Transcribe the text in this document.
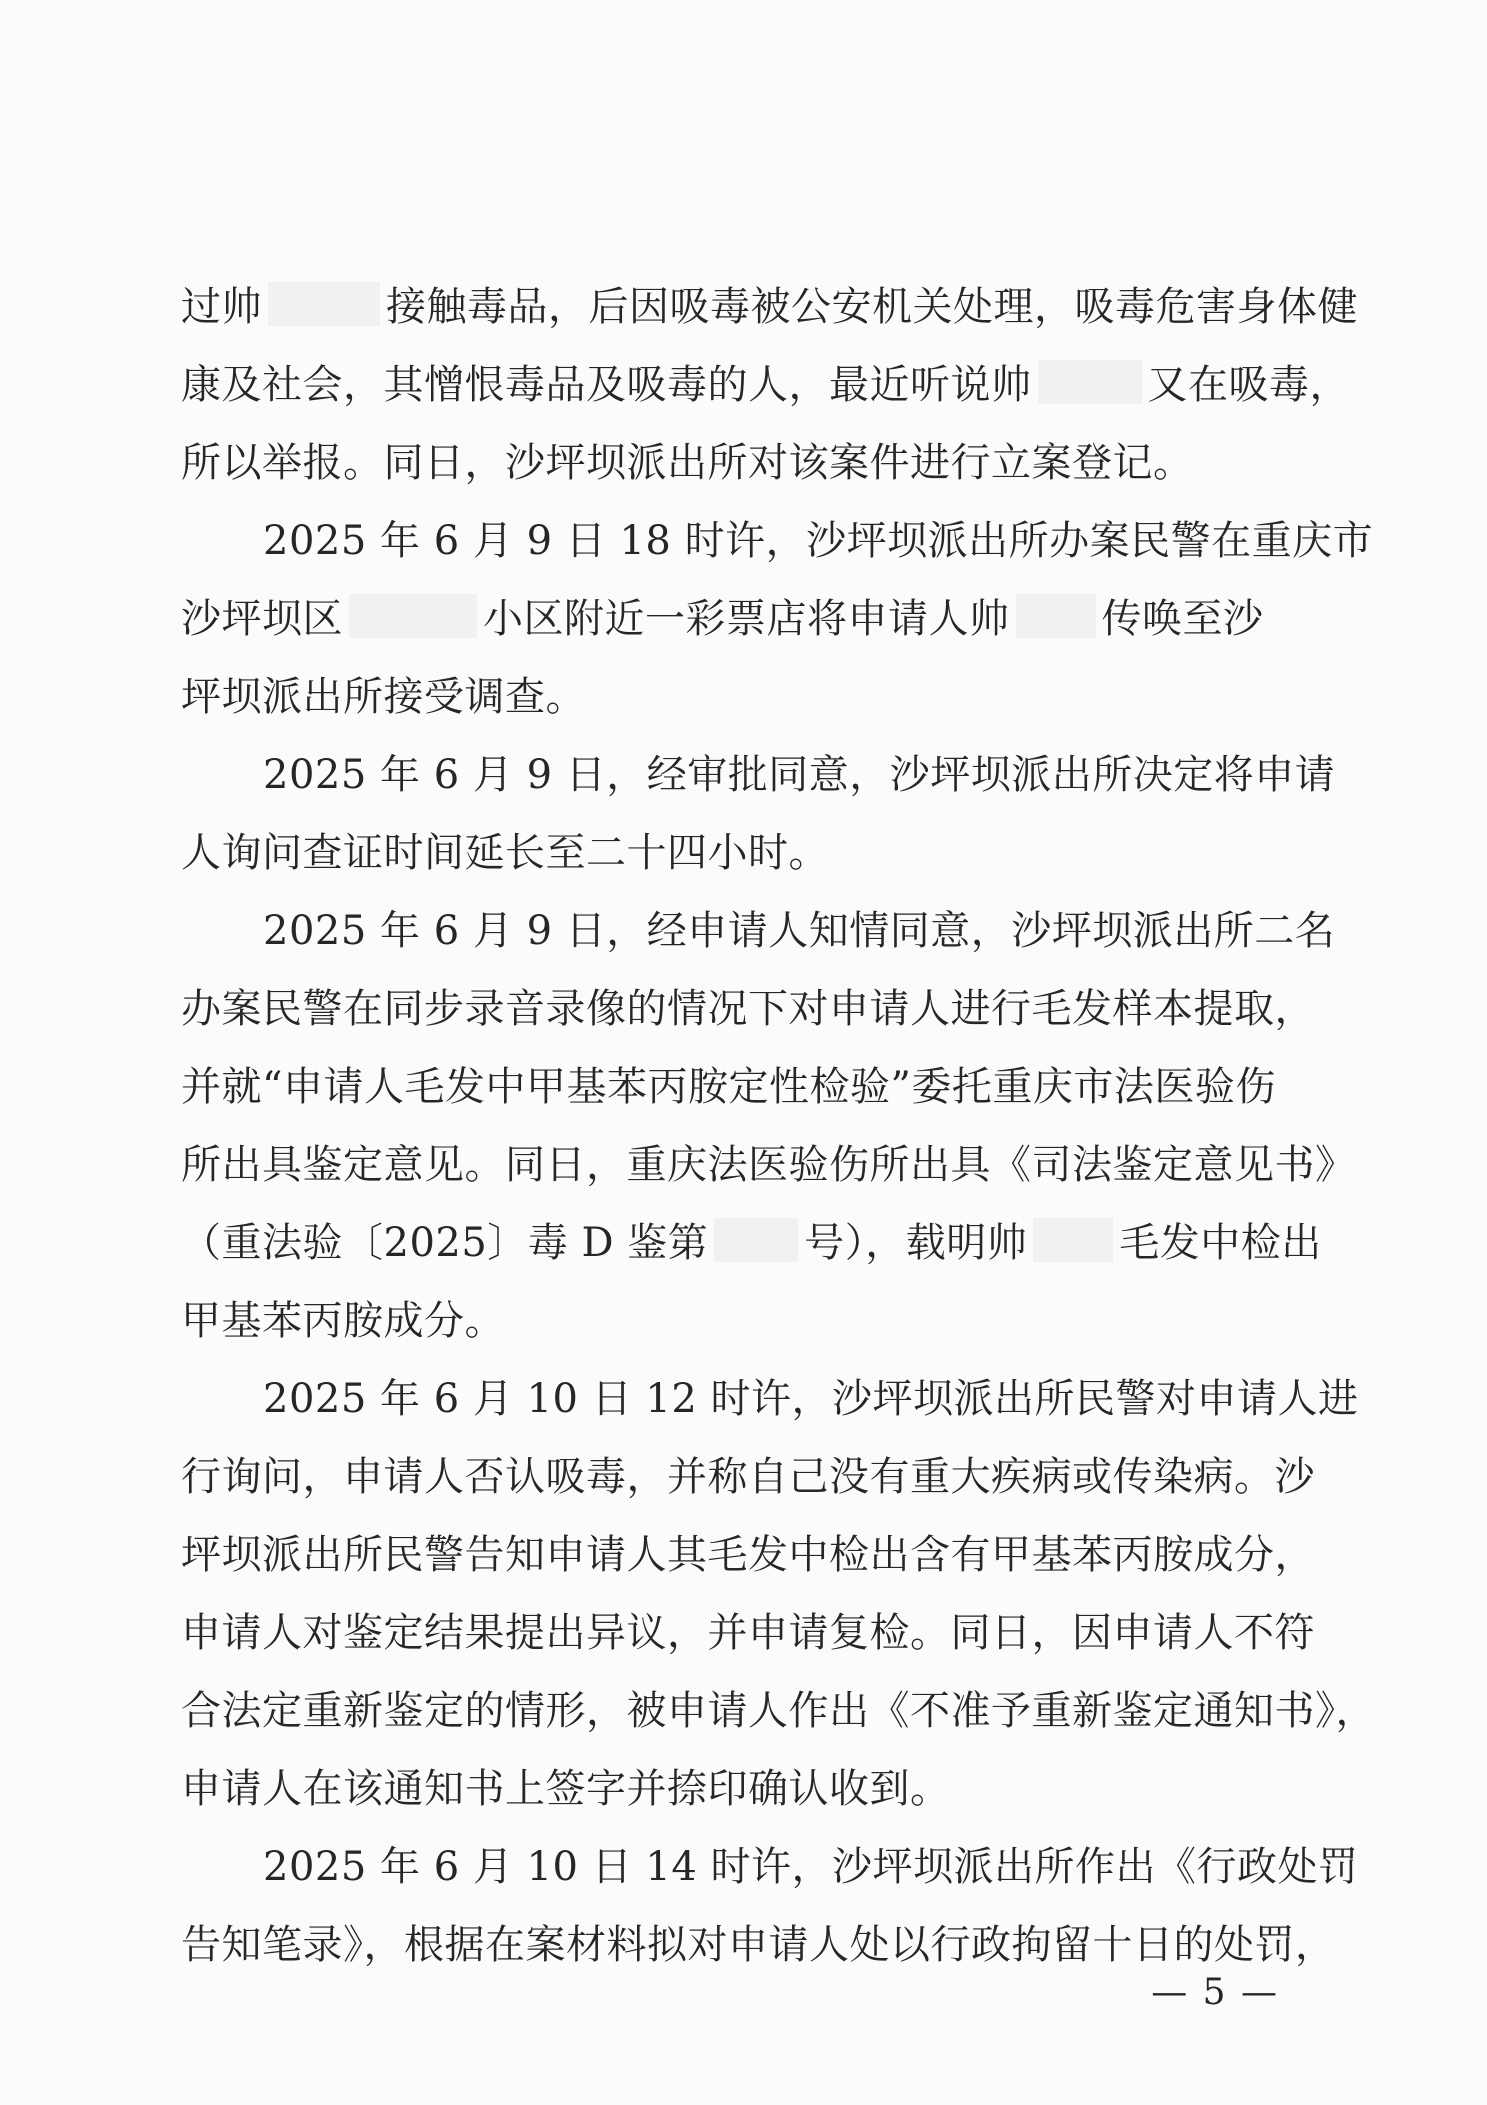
过帅	接触毒品，后因吸毒被公安机关处理，吸毒危害身体健
康及社会，其憎恨毒品及吸毒的人，最近听说帅	又在吸毒，
所以举报。同日，沙坪坝派出所对该案件进行立案登记。
2025 年 6 月 9 日 18 时许，沙坪坝派出所办案民警在重庆市
沙坪坝区	小区附近一彩票店将申请人帅 传唤至沙
坪坝派出所接受调查。
2025 年 6 月 9 日，经审批同意，沙坪坝派出所决定将申请
人询问查证时间延长至二十四小时。
2025 年 6 月 9 日，经申请人知情同意，沙坪坝派出所二名
办案民警在同步录音录像的情况下对申请人进行毛发样本提取，
并就“申请人毛发中甲基苯丙胺定性检验”委托重庆市法医验伤
所出具鉴定意见。同日，重庆法医验伤所出具《司法鉴定意见书》
（重法验〔2025〕毒 D 鉴第 号），载明帅 毛发中检出
甲基苯丙胺成分。
2025 年 6 月 10 日 12 时许，沙坪坝派出所民警对申请人进
行询问，申请人否认吸毒，并称自己没有重大疾病或传染病。沙
坪坝派出所民警告知申请人其毛发中检出含有甲基苯丙胺成分，
申请人对鉴定结果提出异议，并申请复检。同日，因申请人不符
合法定重新鉴定的情形，被申请人作出《不准予重新鉴定通知书》，
申请人在该通知书上签字并捺印确认收到。
2025 年 6 月 10 日 14 时许，沙坪坝派出所作出《行政处罚
告知笔录》，根据在案材料拟对申请人处以行政拘留十日的处罚，
— 5 —
